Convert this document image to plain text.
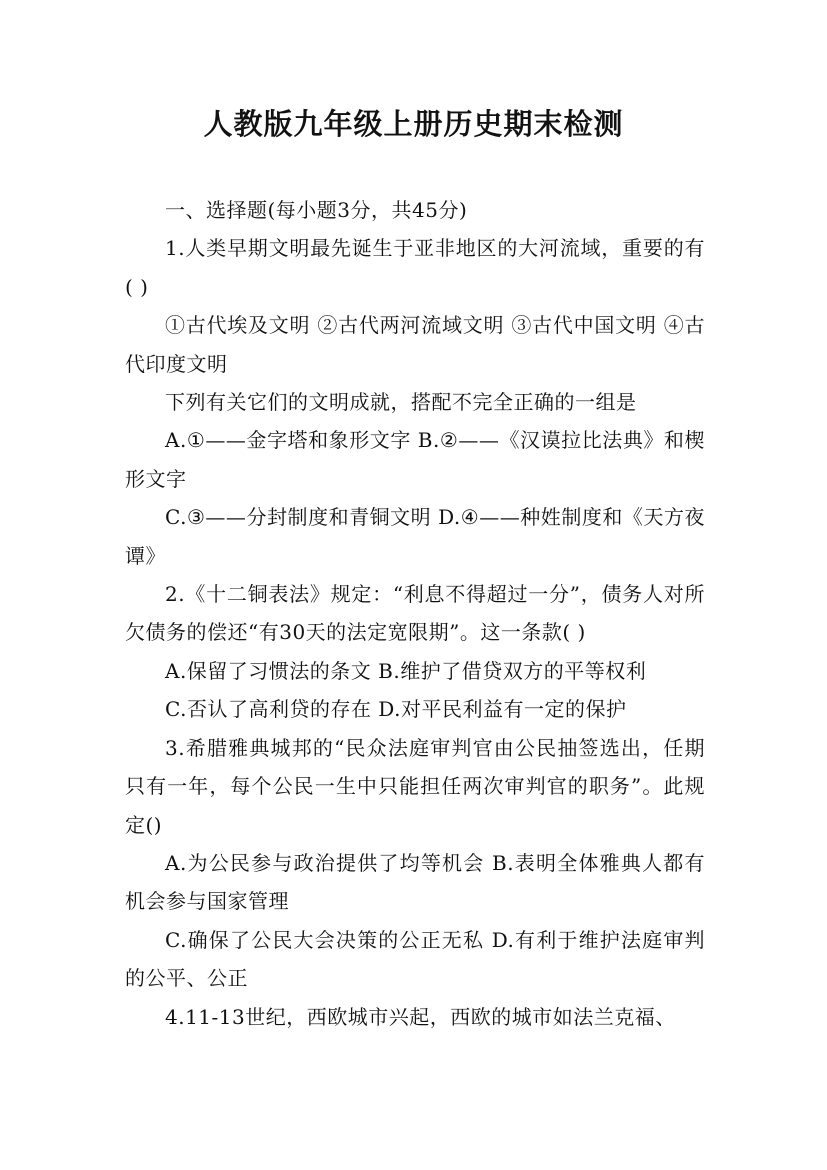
人教版九年级上册历史期末检测

一、选择题(每小题3分，共45分)

1.人类早期文明最先诞生于亚非地区的大河流域，重要的有( )

①古代埃及文明 ②古代两河流域文明 ③古代中国文明 ④古代印度文明

下列有关它们的文明成就，搭配不完全正确的一组是

A.①——金字塔和象形文字 B.②——《汉谟拉比法典》和楔形文字

C.③——分封制度和青铜文明 D.④——种姓制度和《天方夜谭》

2.《十二铜表法》规定：“利息不得超过一分”，债务人对所欠债务的偿还“有30天的法定宽限期”。这一条款( )

A.保留了习惯法的条文 B.维护了借贷双方的平等权利

C.否认了高利贷的存在 D.对平民利益有一定的保护

3.希腊雅典城邦的“民众法庭审判官由公民抽签选出，任期只有一年，每个公民一生中只能担任两次审判官的职务”。此规定()

A.为公民参与政治提供了均等机会 B.表明全体雅典人都有机会参与国家管理

C.确保了公民大会决策的公正无私 D.有利于维护法庭审判的公平、公正

4.11-13世纪，西欧城市兴起，西欧的城市如法兰克福、
